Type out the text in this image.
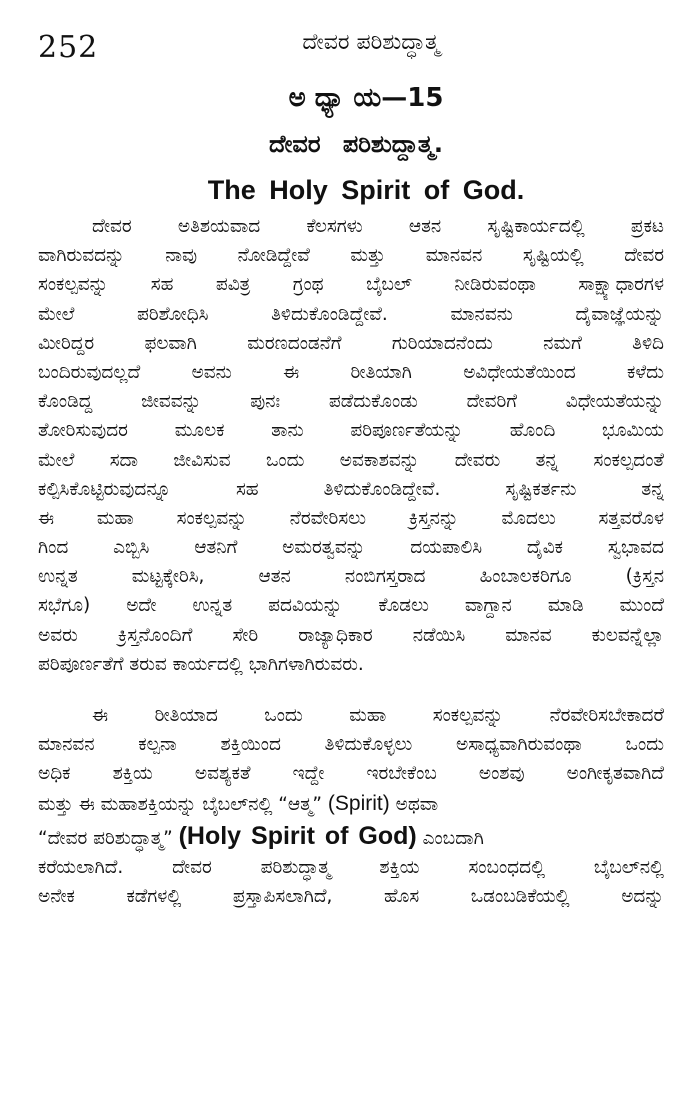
252	ದೇವರ ಪರಿಶುದ್ಧಾತ್ಮ
ಅ ಧ್ಯಾ ಯ—15
ದೇವರ ಪರಿಶುದ್ದಾತ್ಮ.
The Holy Spirit of God.
ದೇವರ ಅತಿಶಯವಾದ ಕೆಲಸಗಳು ಆತನ ಸೃಷ್ಟಿಕಾರ್ಯದಲ್ಲಿ ಪ್ರಕಟ
ವಾಗಿರುವದನ್ನು ನಾವು ನೋಡಿದ್ದೇವೆ ಮತ್ತು ಮಾನವನ ಸೃಷ್ಟಿಯಲ್ಲಿ ದೇವರ
ಸಂಕಲ್ಪವನ್ನು ಸಹ ಪವಿತ್ರ ಗ್ರಂಥ ಬೈಬಲ್ ನೀಡಿರುವಂಥಾ ಸಾಕ್ಷ್ಯಾಧಾರಗಳ
ಮೇಲೆ ಪರಿಶೋಧಿಸಿ ತಿಳಿದುಕೊಂಡಿದ್ದೇವೆ. ಮಾನವನು ದೈವಾಜ್ಞೆಯನ್ನು
ಮೀರಿದ್ದರ ಫಲವಾಗಿ ಮರಣದಂಡನೆಗೆ ಗುರಿಯಾದನೆಂದು ನಮಗೆ ತಿಳಿದಿ
ಬಂದಿರುವುದಲ್ಲದೆ ಅವನು ಈ ರೀತಿಯಾಗಿ ಅವಿಧೇಯತೆಯಿಂದ ಕಳೆದು
ಕೊಂಡಿದ್ದ ಜೀವವನ್ನು ಪುನಃ ಪಡೆದುಕೊಂಡು ದೇವರಿಗೆ ವಿಧೇಯತೆಯನ್ನು
ತೋರಿಸುವುದರ ಮೂಲಕ ತಾನು ಪರಿಪೂರ್ಣತೆಯನ್ನು ಹೊಂದಿ ಭೂಮಿಯ
ಮೇಲೆ ಸದಾ ಜೀವಿಸುವ ಒಂದು ಅವಕಾಶವನ್ನು ದೇವರು ತನ್ನ ಸಂಕಲ್ಪದಂತೆ
ಕಲ್ಪಿಸಿಕೊಟ್ಟಿರುವುದನ್ನೂ ಸಹ ತಿಳಿದುಕೊಂಡಿದ್ದೇವೆ. ಸೃಷ್ಟಿಕರ್ತನು ತನ್ನ
ಈ ಮಹಾ ಸಂಕಲ್ಪವನ್ನು ನೆರವೇರಿಸಲು ಕ್ರಿಸ್ತನನ್ನು ಮೊದಲು ಸತ್ತವರೊಳ
ಗಿಂದ ಎಬ್ಬಿಸಿ ಆತನಿಗೆ ಅಮರತ್ವವನ್ನು ದಯಪಾಲಿಸಿ ದೈವಿಕ ಸ್ವಭಾವದ
ಉನ್ನತ ಮಟ್ಟಕ್ಕೇರಿಸಿ, ಆತನ ನಂಬಿಗಸ್ತರಾದ ಹಿಂಬಾಲಕರಿಗೂ (ಕ್ರಿಸ್ತನ
ಸಭೆಗೂ) ಅದೇ ಉನ್ನತ ಪದವಿಯನ್ನು ಕೊಡಲು ವಾಗ್ದಾನ ಮಾಡಿ ಮುಂದೆ
ಅವರು ಕ್ರಿಸ್ತನೊಂದಿಗೆ ಸೇರಿ ರಾಜ್ಯಾಧಿಕಾರ ನಡೆಯಿಸಿ ಮಾನವ ಕುಲವನ್ನೆಲ್ಲಾ
ಪರಿಪೂರ್ಣತೆಗೆ ತರುವ ಕಾರ್ಯದಲ್ಲಿ ಭಾಗಿಗಳಾಗಿರುವರು.
ಈ ರೀತಿಯಾದ ಒಂದು ಮಹಾ ಸಂಕಲ್ಪವನ್ನು ನೆರವೇರಿಸಬೇಕಾದರೆ
ಮಾನವನ ಕಲ್ಪನಾ ಶಕ್ತಿಯಿಂದ ತಿಳಿದುಕೊಳ್ಳಲು ಅಸಾಧ್ಯವಾಗಿರುವಂಥಾ ಒಂದು
ಅಧಿಕ ಶಕ್ತಿಯ ಅವಶ್ಯಕತೆ ಇದ್ದೇ ಇರಬೇಕೆಂಬ ಅಂಶವು ಅಂಗೀಕೃತವಾಗಿದೆ
ಮತ್ತು ಈ ಮಹಾಶಕ್ತಿಯನ್ನು ಬೈಬಲ್‌ನಲ್ಲಿ “ಆತ್ಮ” (Spirit) ಅಥವಾ
“ದೇವರ ಪರಿಶುದ್ಧಾತ್ಮ” (Holy Spirit of God) ಎಂಬದಾಗಿ
ಕರೆಯಲಾಗಿದೆ. ದೇವರ ಪರಿಶುದ್ಧಾತ್ಮ ಶಕ್ತಿಯ ಸಂಬಂಧದಲ್ಲಿ ಬೈಬಲ್‌ನಲ್ಲಿ
ಅನೇಕ ಕಡೆಗಳಲ್ಲಿ ಪ್ರಸ್ತಾಪಿಸಲಾಗಿದೆ, ಹೊಸ ಒಡಂಬಡಿಕೆಯಲ್ಲಿ ಅದನ್ನು
